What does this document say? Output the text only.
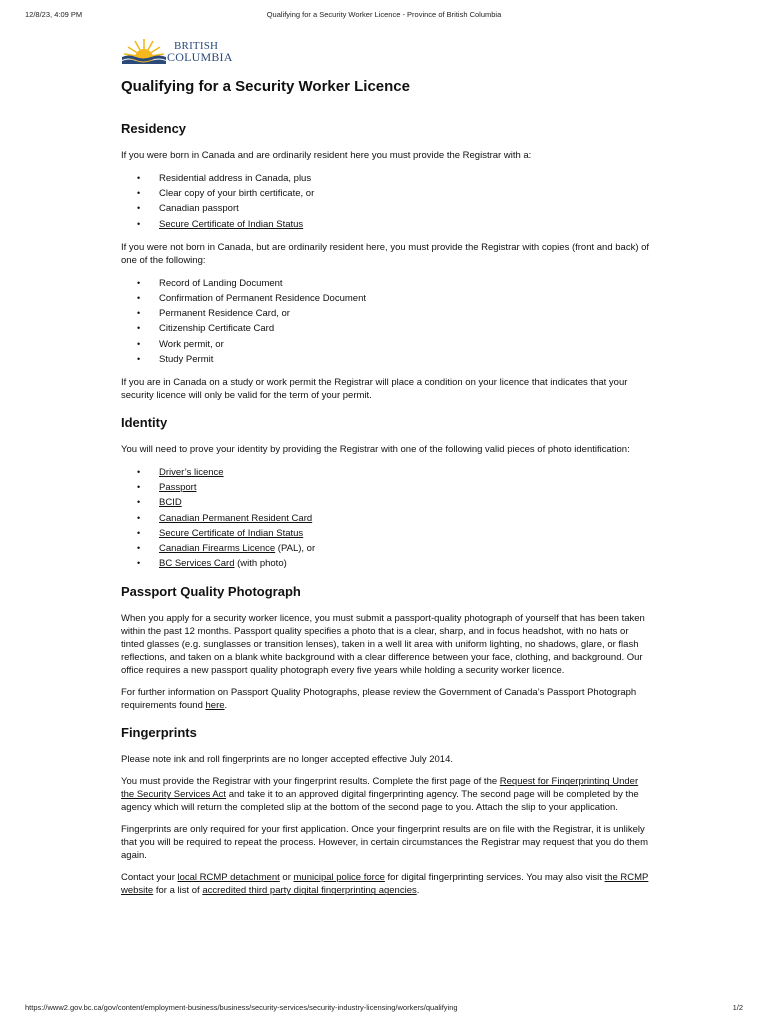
12/8/23, 4:09 PM	Qualifying for a Security Worker Licence - Province of British Columbia
BRITISH
COLUMBIA
Qualifying for a Security Worker Licence
Residency

If you were born in Canada and are ordinarily resident here you must provide the Registrar with a:

• Residential address in Canada, plus
• Clear copy of your birth certificate, or
• Canadian passport
• Secure Certificate of Indian Status

If you were not born in Canada, but are ordinarily resident here, you must provide the Registrar with copies (front and back) of one of the following:

• Record of Landing Document
• Confirmation of Permanent Residence Document
• Permanent Residence Card, or
• Citizenship Certificate Card
• Work permit, or
• Study Permit

If you are in Canada on a study or work permit the Registrar will place a condition on your licence that indicates that your security licence will only be valid for the term of your permit.

Identity

You will need to prove your identity by providing the Registrar with one of the following valid pieces of photo identification:

• Driver’s licence
• Passport
• BCID
• Canadian Permanent Resident Card
• Secure Certificate of Indian Status
• Canadian Firearms Licence (PAL), or
• BC Services Card (with photo)
Passport Quality Photograph

When you apply for a security worker licence, you must submit a passport-quality photograph of yourself that has been taken within the past 12 months. Passport quality specifies a photo that is a clear, sharp, and in focus headshot, with no hats or tinted glasses (e.g. sunglasses or transition lenses), taken in a well lit area with uniform lighting, no shadows, glare, or flash reflections, and taken on a blank white background with a clear difference between your face, clothing, and background. Our office requires a new passport quality photograph every five years while holding a security worker licence.

For further information on Passport Quality Photographs, please review the Government of Canada’s Passport Photograph requirements found here.

Fingerprints

Please note ink and roll fingerprints are no longer accepted effective July 2014.

You must provide the Registrar with your fingerprint results. Complete the first page of the Request for Fingerprinting Under the Security Services Act and take it to an approved digital fingerprinting agency. The second page will be completed by the agency which will return the completed slip at the bottom of the second page to you. Attach the slip to your application.

Fingerprints are only required for your first application. Once your fingerprint results are on file with the Registrar, it is unlikely that you will be required to repeat the process. However, in certain circumstances the Registrar may request that you do them again.

Contact your local RCMP detachment or municipal police force for digital fingerprinting services. You may also visit the RCMP website for a list of accredited third party digital fingerprinting agencies.

https://www2.gov.bc.ca/gov/content/employment-business/business/security-services/security-industry-licensing/workers/qualifying	1/2
